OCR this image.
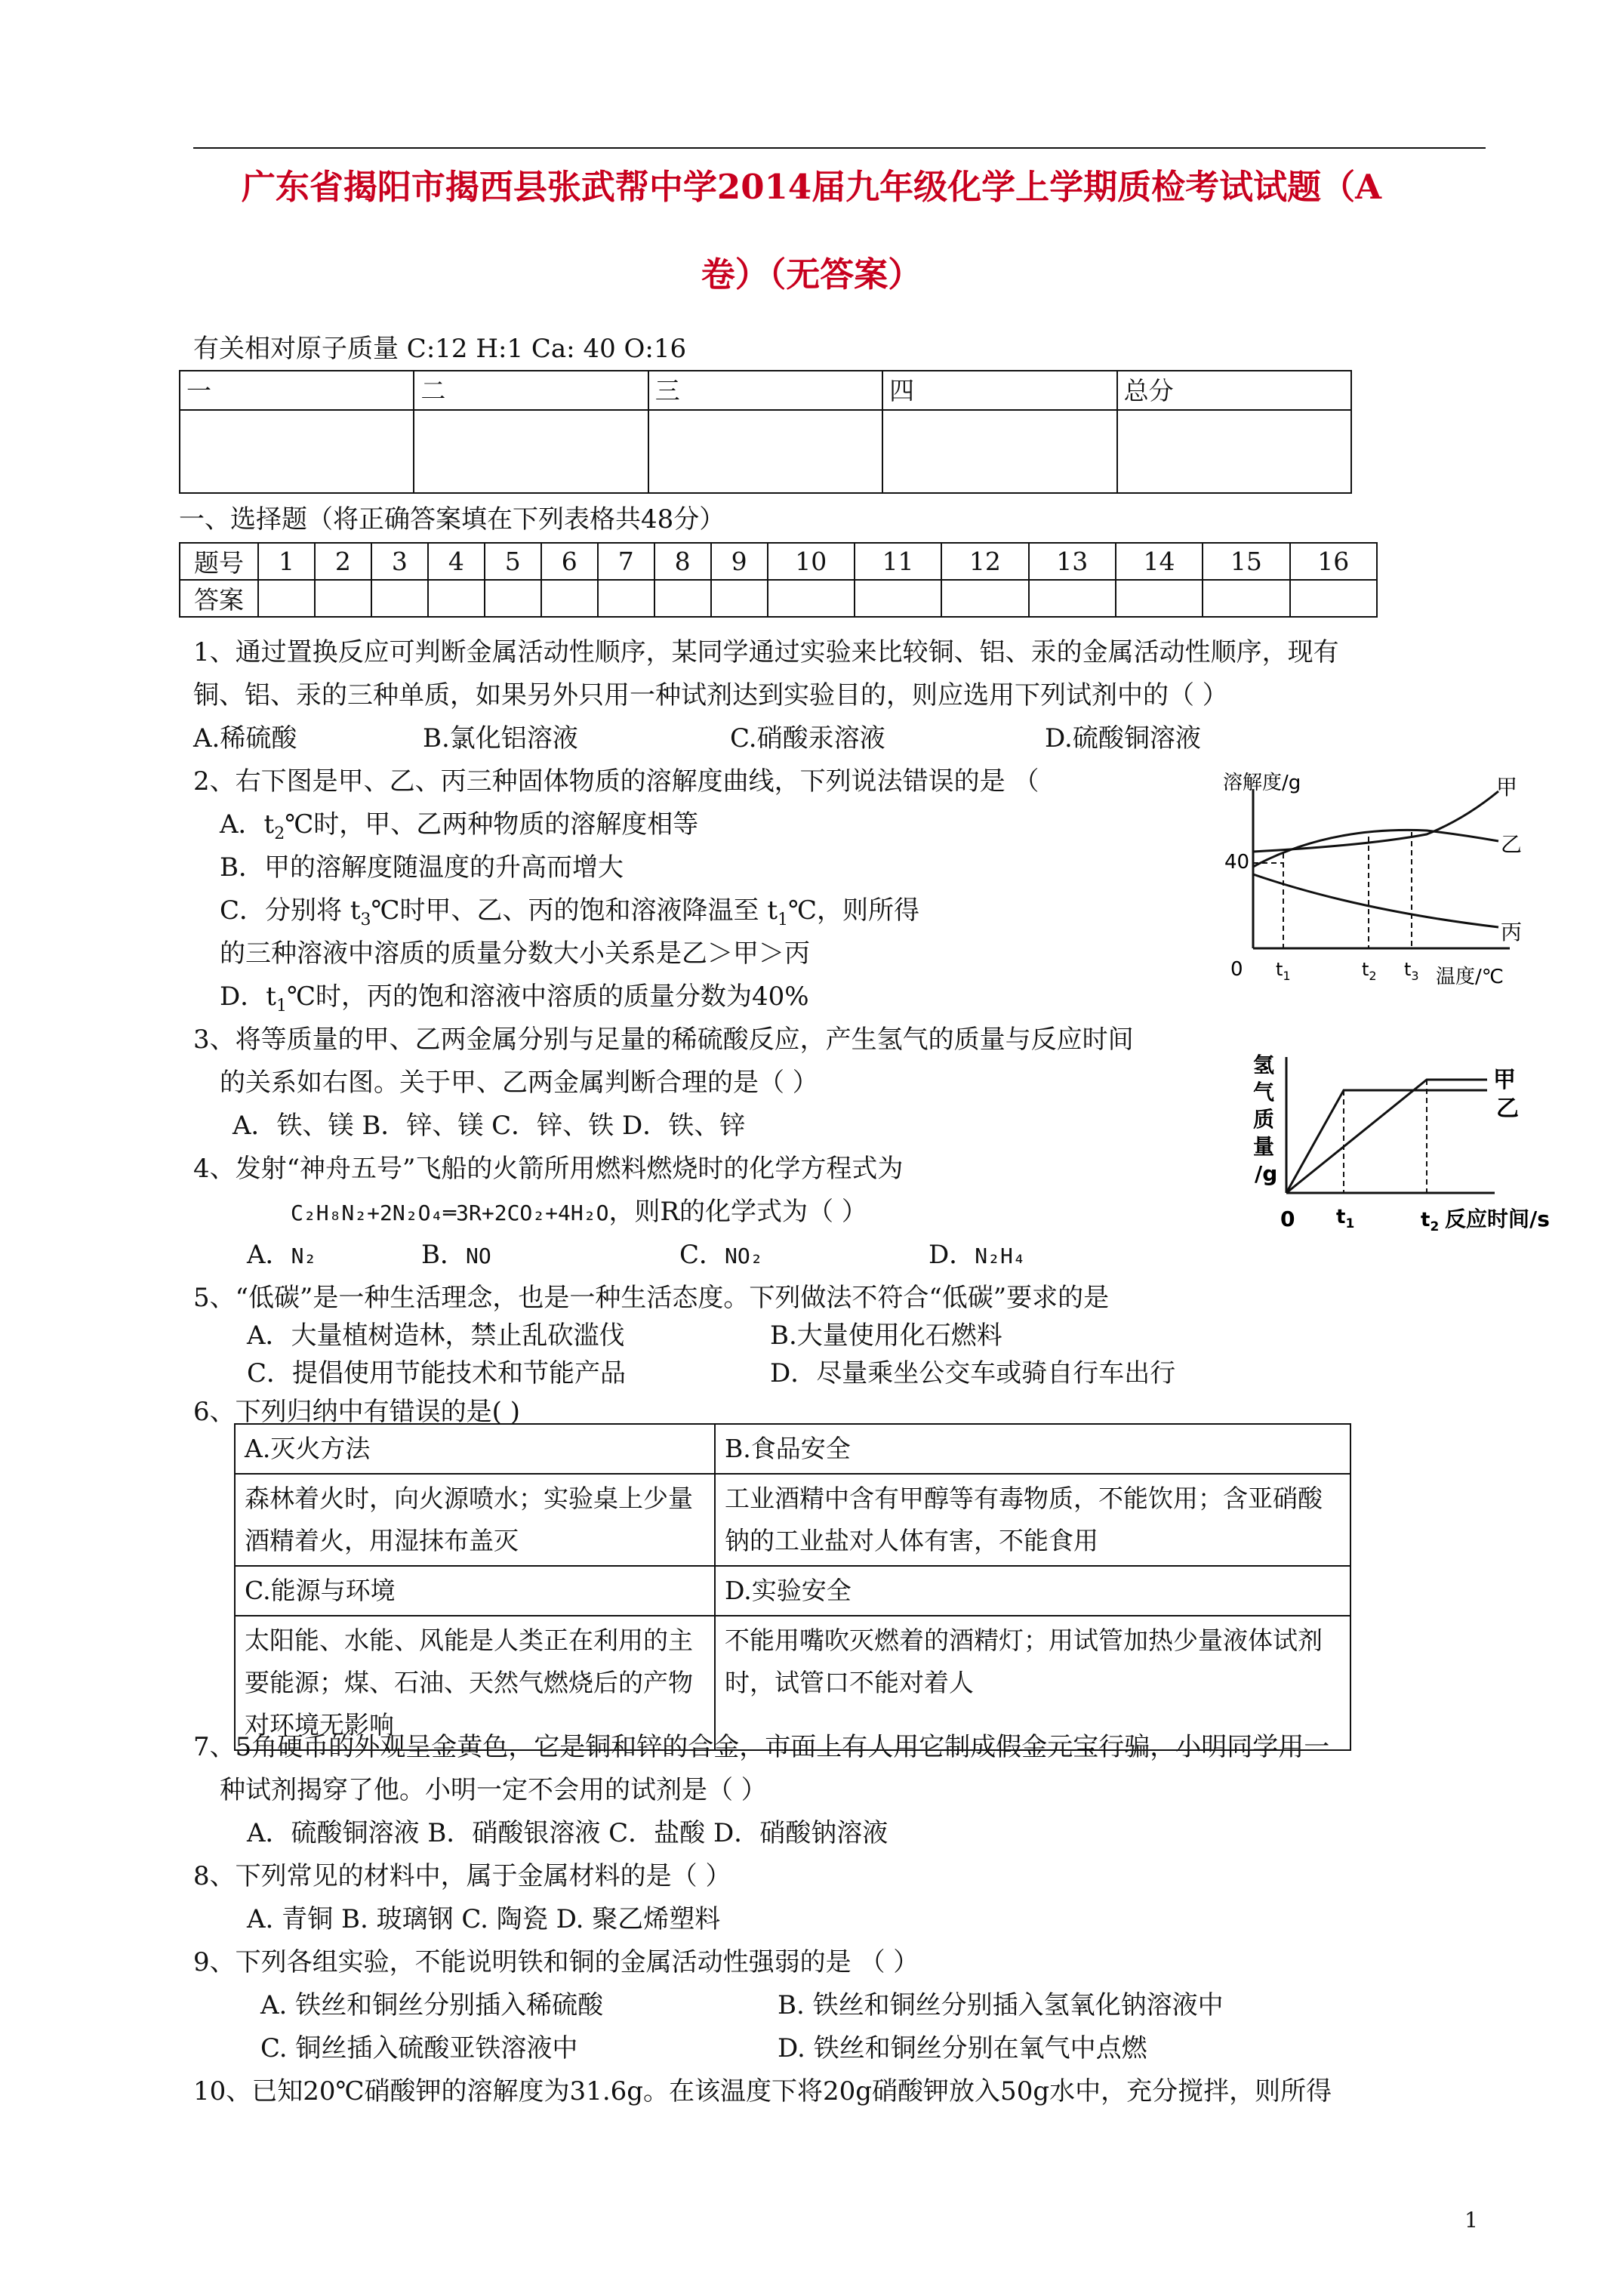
广东省揭阳市揭西县张武帮中学2014届九年级化学上学期质检考试试题（A
卷）（无答案）
有关相对原子质量 C:12 H:1 Ca: 40 O:16
一	二	三	四	总分

一、选择题（将正确答案填在下列表格共48分）
题号	1	2	3	4	5	6	7	8	9	10	11	12	13	14	15	16
答案																
1、通过置换反应可判断金属活动性顺序，某同学通过实验来比较铜、铝、汞的金属活动性顺序，现有
铜、铝、汞的三种单质，如果另外只用一种试剂达到实验目的，则应选用下列试剂中的（ ）
A.稀硫酸	B.氯化铝溶液	C.硝酸汞溶液	D.硫酸铜溶液
2、右下图是甲、乙、丙三种固体物质的溶解度曲线，下列说法错误的是 （
A．$t_2℃$时，甲、乙两种物质的溶解度相等
B．甲的溶解度随温度的升高而增大
C．分别将 $t_3℃$时甲、乙、丙的饱和溶液降温至 $t_1℃$，则所得
的三种溶液中溶质的质量分数大小关系是乙＞甲＞丙
D．$t_1℃$时，丙的饱和溶液中溶质的质量分数为40%
溶解度/g
40
0 $t_1$	$t_2$ $t_3$ 温度/℃
甲
乙
丙
3、将等质量的甲、乙两金属分别与足量的稀硫酸反应，产生氢气的质量与反应时间
的关系如右图。关于甲、乙两金属判断合理的是（ ）
A．铁、镁 B．锌、镁 C．锌、铁 D．铁、锌
氢
气
质
量
/g
甲
乙
0 $t_1$	$t_2$ 反应时间/s
4、发射“神舟五号”飞船的火箭所用燃料燃烧时的化学方程式为
C₂H₈N₂+2N₂O₄═3R+2CO₂+4H₂O，则R的化学式为（ ）
A．N₂	B．NO	C．NO₂	D．N₂H₄
5、“低碳”是一种生活理念，也是一种生活态度。下列做法不符合“低碳”要求的是
A．大量植树造林，禁止乱砍滥伐	B.大量使用化石燃料
C．提倡使用节能技术和节能产品	D．尽量乘坐公交车或骑自行车出行
6、下列归纳中有错误的是( )
A.灭火方法	B.食品安全
森林着火时，向火源喷水；实验桌上少量酒精着火，用湿抹布盖灭	工业酒精中含有甲醇等有毒物质，不能饮用；含亚硝酸钠的工业盐对人体有害，不能食用
C.能源与环境	D.实验安全
太阳能、水能、风能是人类正在利用的主要能源；煤、石油、天然气燃烧后的产物对环境无影响	不能用嘴吹灭燃着的酒精灯；用试管加热少量液体试剂时，试管口不能对着人
7、5角硬币的外观呈金黄色，它是铜和锌的合金，市面上有人用它制成假金元宝行骗，小明同学用一
种试剂揭穿了他。小明一定不会用的试剂是（ ）
A．硫酸铜溶液 B．硝酸银溶液 C．盐酸 D．硝酸钠溶液
8、下列常见的材料中，属于金属材料的是（ ）
A. 青铜 B. 玻璃钢 C. 陶瓷 D. 聚乙烯塑料
9、下列各组实验，不能说明铁和铜的金属活动性强弱的是 （ ）
A. 铁丝和铜丝分别插入稀硫酸	B. 铁丝和铜丝分别插入氢氧化钠溶液中
C. 铜丝插入硫酸亚铁溶液中	D. 铁丝和铜丝分别在氧气中点燃
10、已知20℃硝酸钾的溶解度为31.6g。在该温度下将20g硝酸钾放入50g水中，充分搅拌，则所得
1
